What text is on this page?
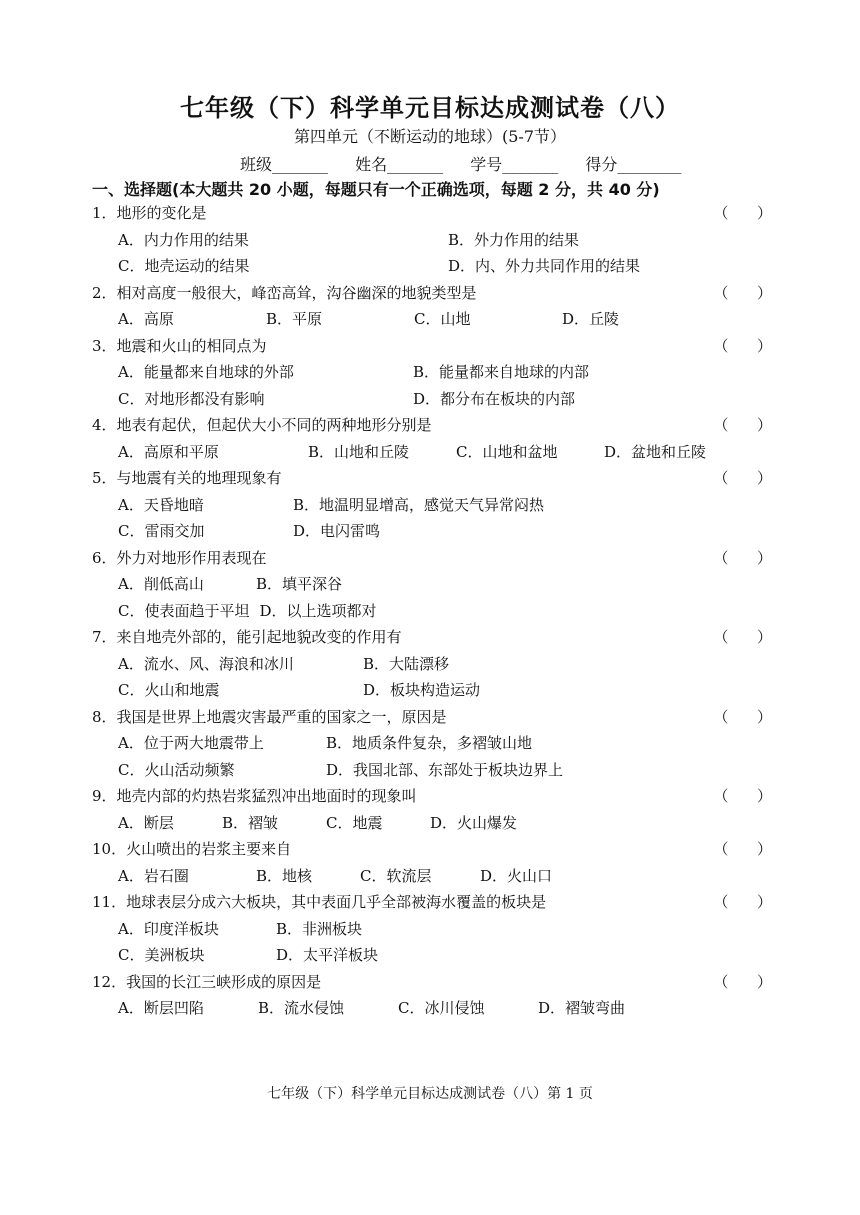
七年级（下）科学单元目标达成测试卷（八）
第四单元（不断运动的地球）(5-7节）
班级_______ 姓名_______ 学号_______ 得分________
一、选择题(本大题共 20 小题，每题只有一个正确选项，每题 2 分，共 40 分)
1．地形的变化是	（      ）
A．内力作用的结果	B．外力作用的结果
C．地壳运动的结果	D．内、外力共同作用的结果
2．相对高度一般很大，峰峦高耸，沟谷幽深的地貌类型是	（      ）
A．高原	B．平原	C．山地	D．丘陵
3．地震和火山的相同点为	（      ）
A．能量都来自地球的外部	B．能量都来自地球的内部
C．对地形都没有影响	D．都分布在板块的内部
4．地表有起伏，但起伏大小不同的两种地形分别是	（      ）
A．高原和平原	B．山地和丘陵	C．山地和盆地	D．盆地和丘陵
5．与地震有关的地理现象有	（      ）
A．天昏地暗	B．地温明显增高，感觉天气异常闷热
C．雷雨交加	D．电闪雷鸣
6．外力对地形作用表现在	（      ）
A．削低高山	B．填平深谷
C．使表面趋于平坦 D．以上选项都对
7．来自地壳外部的，能引起地貌改变的作用有	（      ）
A．流水、风、海浪和冰川	B．大陆漂移
C．火山和地震	D．板块构造运动
8．我国是世界上地震灾害最严重的国家之一，原因是	（      ）
A．位于两大地震带上	B．地质条件复杂，多褶皱山地
C．火山活动频繁	D．我国北部、东部处于板块边界上
9．地壳内部的灼热岩浆猛烈冲出地面时的现象叫	（      ）
A．断层	B．褶皱	C．地震	D．火山爆发
10．火山喷出的岩浆主要来自	（      ）
A．岩石圈	B．地核	C．软流层	D．火山口
11．地球表层分成六大板块，其中表面几乎全部被海水覆盖的板块是	（      ）
A．印度洋板块	B．非洲板块
C．美洲板块	D．太平洋板块
12．我国的长江三峡形成的原因是	（      ）
A．断层凹陷	B．流水侵蚀	C．冰川侵蚀	D．褶皱弯曲
七年级（下）科学单元目标达成测试卷（八）第 1 页
